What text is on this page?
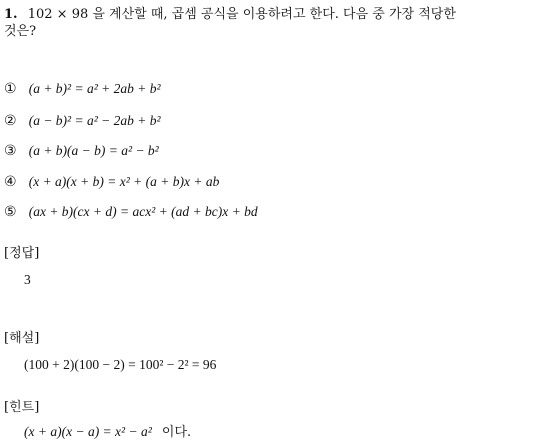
1. 102 × 98 을 계산할 때, 곱셈 공식을 이용하려고 한다. 다음 중 가장 적당한
것은?
① (a + b)² = a² + 2ab + b²
② (a − b)² = a² − 2ab + b²
③ (a + b)(a − b) = a² − b²
④ (x + a)(x + b) = x² + (a + b)x + ab
⑤ (ax + b)(cx + d) = acx² + (ad + bc)x + bd
[정답]
3
[해설]
(100 + 2)(100 − 2) = 100² − 2² = 96
[힌트]
(x + a)(x − a) = x² − a² 이다.
